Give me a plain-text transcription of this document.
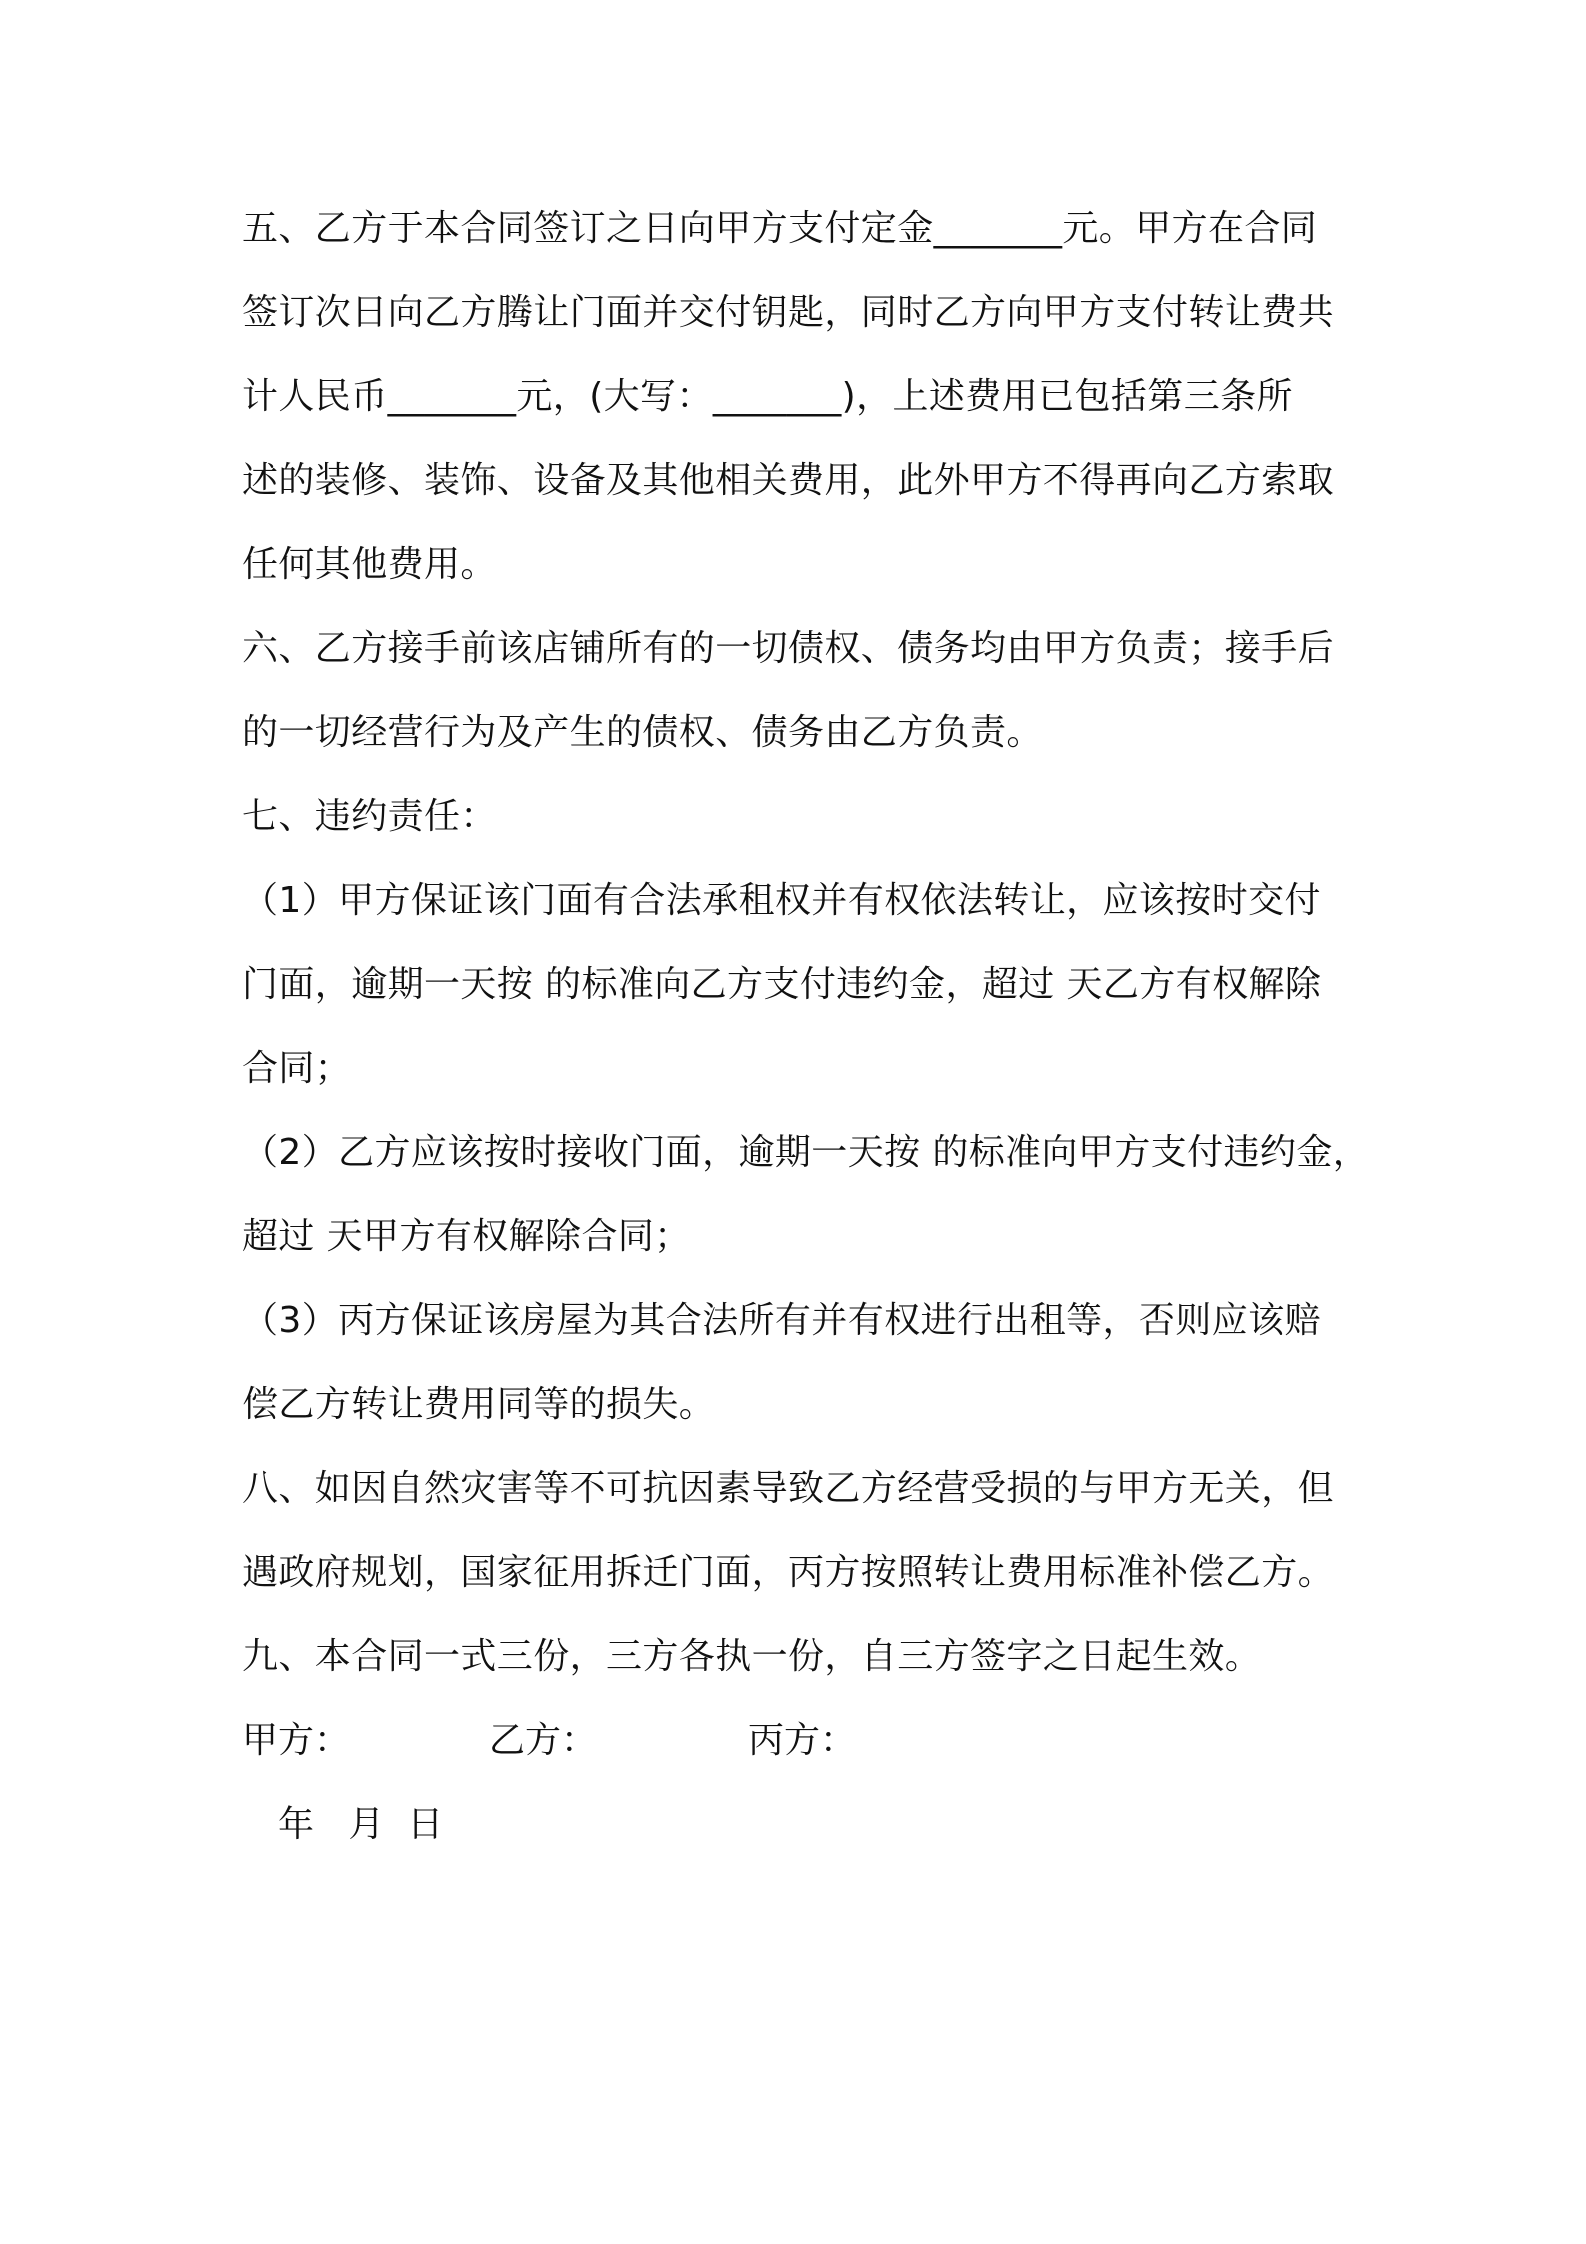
五、乙方于本合同签订之日向甲方支付定金_______元。甲方在合同
签订次日向乙方腾让门面并交付钥匙，同时乙方向甲方支付转让费共
计人民币_______元，(大写：_______)，上述费用已包括第三条所
述的装修、装饰、设备及其他相关费用，此外甲方不得再向乙方索取
任何其他费用。
六、乙方接手前该店铺所有的一切债权、债务均由甲方负责；接手后
的一切经营行为及产生的债权、债务由乙方负责。
七、违约责任：
（1）甲方保证该门面有合法承租权并有权依法转让，应该按时交付
门面，逾期一天按 的标准向乙方支付违约金，超过 天乙方有权解除
合同；
（2）乙方应该按时接收门面，逾期一天按 的标准向甲方支付违约金，
超过 天甲方有权解除合同；
（3）丙方保证该房屋为其合法所有并有权进行出租等，否则应该赔
偿乙方转让费用同等的损失。
八、如因自然灾害等不可抗因素导致乙方经营受损的与甲方无关，但
遇政府规划，国家征用拆迁门面，丙方按照转让费用标准补偿乙方。
九、本合同一式三份，三方各执一份，自三方签字之日起生效。
甲方：	乙方：	丙方：
年   月  日
